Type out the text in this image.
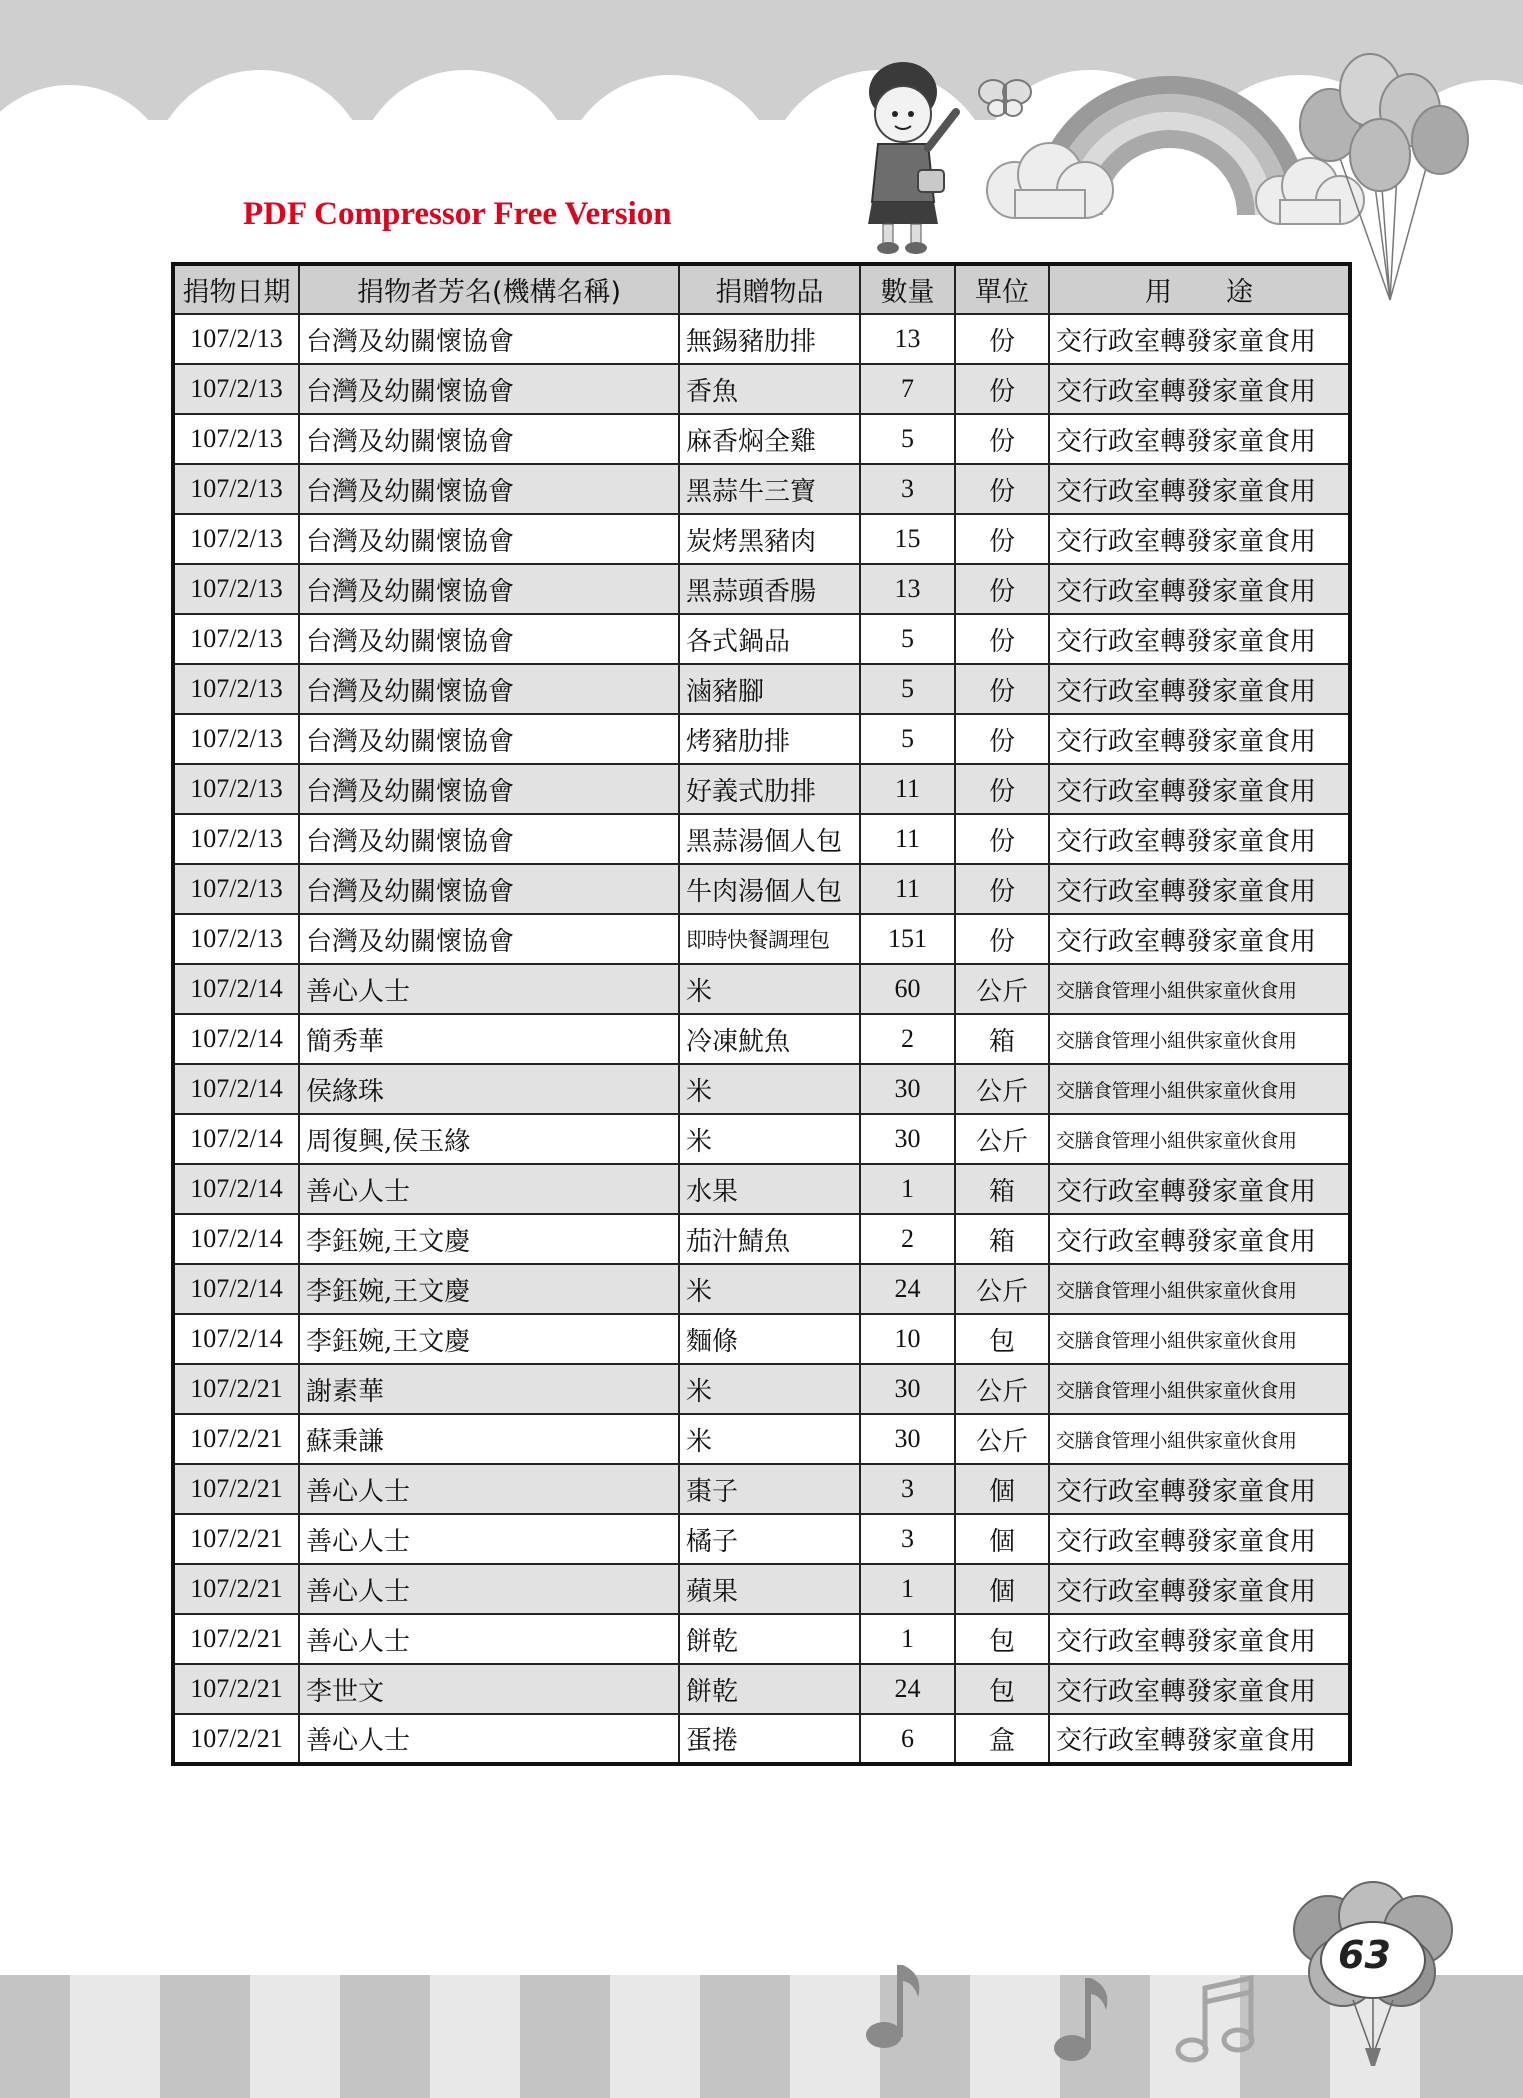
PDF Compressor Free Version
捐物日期	捐物者芳名(機構名稱)	捐贈物品	數量	單位	用　　途
107/2/13	台灣及幼關懷協會	無錫豬肋排	13	份	交行政室轉發家童食用
107/2/13	台灣及幼關懷協會	香魚	7	份	交行政室轉發家童食用
107/2/13	台灣及幼關懷協會	麻香焖全雞	5	份	交行政室轉發家童食用
107/2/13	台灣及幼關懷協會	黑蒜牛三寶	3	份	交行政室轉發家童食用
107/2/13	台灣及幼關懷協會	炭烤黑豬肉	15	份	交行政室轉發家童食用
107/2/13	台灣及幼關懷協會	黑蒜頭香腸	13	份	交行政室轉發家童食用
107/2/13	台灣及幼關懷協會	各式鍋品	5	份	交行政室轉發家童食用
107/2/13	台灣及幼關懷協會	滷豬腳	5	份	交行政室轉發家童食用
107/2/13	台灣及幼關懷協會	烤豬肋排	5	份	交行政室轉發家童食用
107/2/13	台灣及幼關懷協會	好義式肋排	11	份	交行政室轉發家童食用
107/2/13	台灣及幼關懷協會	黑蒜湯個人包	11	份	交行政室轉發家童食用
107/2/13	台灣及幼關懷協會	牛肉湯個人包	11	份	交行政室轉發家童食用
107/2/13	台灣及幼關懷協會	即時快餐調理包	151	份	交行政室轉發家童食用
107/2/14	善心人士	米	60	公斤	交膳食管理小組供家童伙食用
107/2/14	簡秀華	冷凍魷魚	2	箱	交膳食管理小組供家童伙食用
107/2/14	侯緣珠	米	30	公斤	交膳食管理小組供家童伙食用
107/2/14	周復興,侯玉緣	米	30	公斤	交膳食管理小組供家童伙食用
107/2/14	善心人士	水果	1	箱	交行政室轉發家童食用
107/2/14	李鈺婉,王文慶	茄汁鯖魚	2	箱	交行政室轉發家童食用
107/2/14	李鈺婉,王文慶	米	24	公斤	交膳食管理小組供家童伙食用
107/2/14	李鈺婉,王文慶	麵條	10	包	交膳食管理小組供家童伙食用
107/2/21	謝素華	米	30	公斤	交膳食管理小組供家童伙食用
107/2/21	蘇秉謙	米	30	公斤	交膳食管理小組供家童伙食用
107/2/21	善心人士	棗子	3	個	交行政室轉發家童食用
107/2/21	善心人士	橘子	3	個	交行政室轉發家童食用
107/2/21	善心人士	蘋果	1	個	交行政室轉發家童食用
107/2/21	善心人士	餅乾	1	包	交行政室轉發家童食用
107/2/21	李世文	餅乾	24	包	交行政室轉發家童食用
107/2/21	善心人士	蛋捲	6	盒	交行政室轉發家童食用
63
